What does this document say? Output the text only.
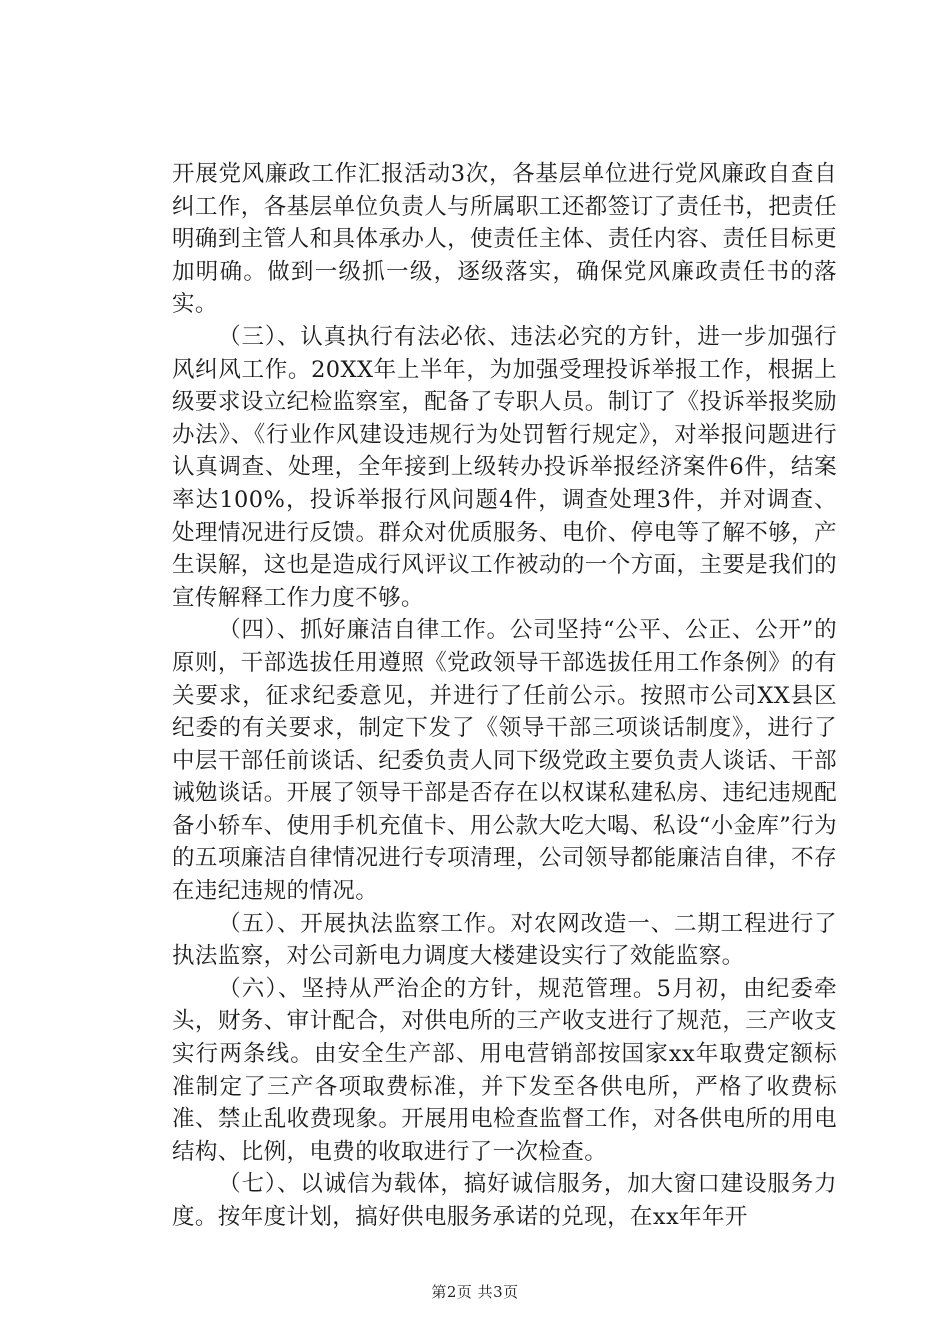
开展党风廉政工作汇报活动3次，各基层单位进行党风廉政自查自纠工作，各基层单位负责人与所属职工还都签订了责任书，把责任明确到主管人和具体承办人，使责任主体、责任内容、责任目标更加明确。做到一级抓一级，逐级落实，确保党风廉政责任书的落实。

（三）、认真执行有法必依、违法必究的方针，进一步加强行风纠风工作。20XX年上半年，为加强受理投诉举报工作，根据上级要求设立纪检监察室，配备了专职人员。制订了《投诉举报奖励办法》、《行业作风建设违规行为处罚暂行规定》，对举报问题进行认真调查、处理，全年接到上级转办投诉举报经济案件6件，结案率达100%，投诉举报行风问题4件，调查处理3件，并对调查、处理情况进行反馈。群众对优质服务、电价、停电等了解不够，产生误解，这也是造成行风评议工作被动的一个方面，主要是我们的宣传解释工作力度不够。

（四）、抓好廉洁自律工作。公司坚持“公平、公正、公开”的原则，干部选拔任用遵照《党政领导干部选拔任用工作条例》的有关要求，征求纪委意见，并进行了任前公示。按照市公司XX县区纪委的有关要求，制定下发了《领导干部三项谈话制度》，进行了中层干部任前谈话、纪委负责人同下级党政主要负责人谈话、干部诫勉谈话。开展了领导干部是否存在以权谋私建私房、违纪违规配备小轿车、使用手机充值卡、用公款大吃大喝、私设“小金库”行为的五项廉洁自律情况进行专项清理，公司领导都能廉洁自律，不存在违纪违规的情况。

（五）、开展执法监察工作。对农网改造一、二期工程进行了执法监察，对公司新电力调度大楼建设实行了效能监察。

（六）、坚持从严治企的方针，规范管理。5月初，由纪委牵头，财务、审计配合，对供电所的三产收支进行了规范，三产收支实行两条线。由安全生产部、用电营销部按国家xx年取费定额标准制定了三产各项取费标准，并下发至各供电所，严格了收费标准、禁止乱收费现象。开展用电检查监督工作，对各供电所的用电结构、比例，电费的收取进行了一次检查。

（七）、以诚信为载体，搞好诚信服务，加大窗口建设服务力度。按年度计划，搞好供电服务承诺的兑现，在xx年年开

第2页 共3页
